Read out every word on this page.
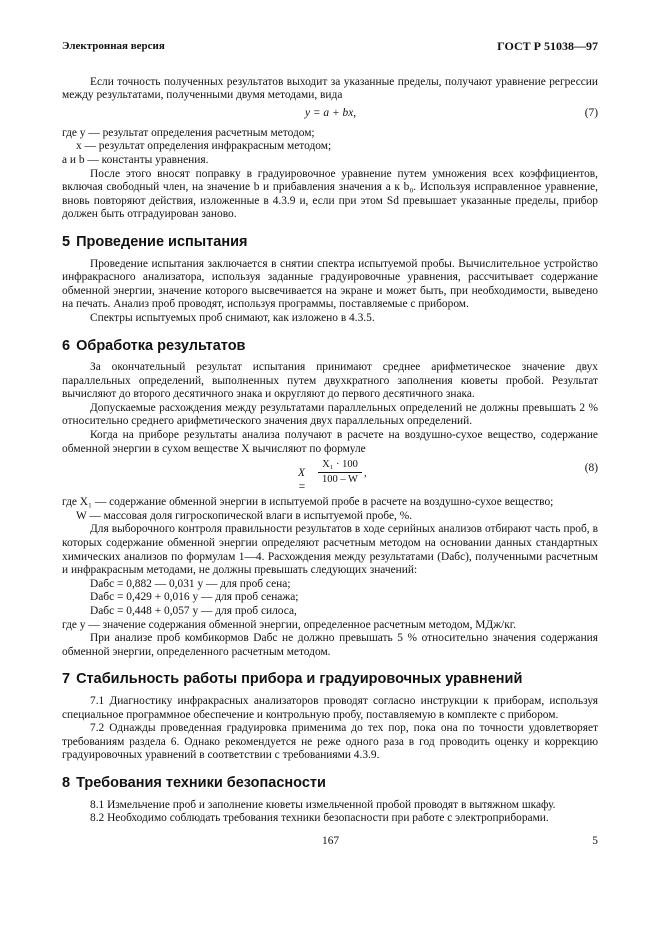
Электронная версия	ГОСТ Р 51038—97

Если точность полученных результатов выходит за указанные пределы, получают уравнение регрессии между результатами, полученными двумя методами, вида

y = a + bx,	(7)

где y — результат определения расчетным методом;

x — результат определения инфракрасным методом;

a и b — константы уравнения.

После этого вносят поправку в градуировочное уравнение путем умножения всех коэффициентов, включая свободный член, на значение b и прибавления значения a к b₀. Используя исправленное уравнение, вновь повторяют действия, изложенные в 4.3.9 и, если при этом Sd превышает указанные пределы, прибор должен быть отградуирован заново.

5 Проведение испытания

Проведение испытания заключается в снятии спектра испытуемой пробы. Вычислительное устройство инфракрасного анализатора, используя заданные градуировочные уравнения, рассчитывает содержание обменной энергии, значение которого высвечивается на экране и может быть, при необходимости, выведено на печать. Анализ проб проводят, используя программы, поставляемые с прибором.

Спектры испытуемых проб снимают, как изложено в 4.3.5.

6 Обработка результатов

За окончательный результат испытания принимают среднее арифметическое значение двух параллельных определений, выполненных путем двухкратного заполнения кюветы пробой. Результат вычисляют до второго десятичного знака и округляют до первого десятичного знака.

Допускаемые расхождения между результатами параллельных определений не должны превышать 2 % относительно среднего арифметического значения двух параллельных определений.

Когда на приборе результаты анализа получают в расчете на воздушно-сухое вещество, содержание обменной энергии в сухом веществе X вычисляют по формуле

X =
X₁ · 100
100 – W
,	(8)

где X₁ — содержание обменной энергии в испытуемой пробе в расчете на воздушно-сухое вещество;

W — массовая доля гигроскопической влаги в испытуемой пробе, %.

Для выборочного контроля правильности результатов в ходе серийных анализов отбирают часть проб, в которых содержание обменной энергии определяют расчетным методом на основании данных стандартных химических анализов по формулам 1—4. Расхождения между результатами (Dабс), полученными расчетным и инфракрасным методами, не должны превышать следующих значений:

Dабс = 0,882 — 0,031 y — для проб сена;
Dабс = 0,429 + 0,016 y — для проб сенажа;
Dабс = 0,448 + 0,057 y — для проб силоса,

где y — значение содержания обменной энергии, определенное расчетным методом, МДж/кг.

При анализе проб комбикормов Dабс не должно превышать 5 % относительно значения содержания обменной энергии, определенного расчетным методом.

7 Стабильность работы прибора и градуировочных уравнений

7.1 Диагностику инфракрасных анализаторов проводят согласно инструкции к приборам, используя специальное программное обеспечение и контрольную пробу, поставляемую в комплекте с прибором.

7.2 Однажды проведенная градуировка применима до тех пор, пока она по точности удовлетворяет требованиям раздела 6. Однако рекомендуется не реже одного раза в год проводить оценку и коррекцию градуировочных уравнений в соответствии с требованиями 4.3.9.

8 Требования техники безопасности

8.1 Измельчение проб и заполнение кюветы измельченной пробой проводят в вытяжном шкафу.

8.2 Необходимо соблюдать требования техники безопасности при работе с электроприборами.

167	5
